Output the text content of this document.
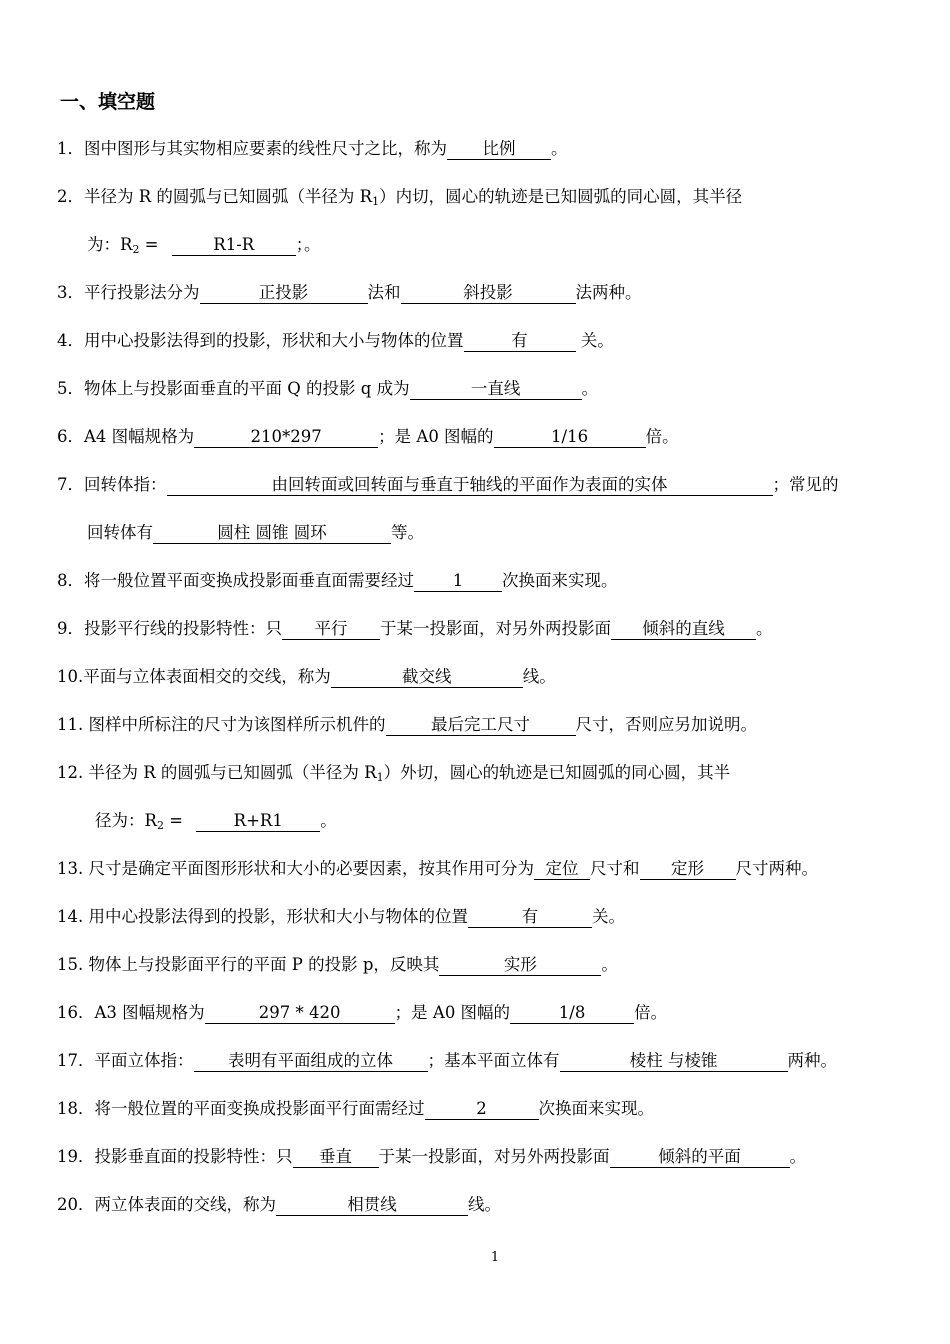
一、填空题
1．图中图形与其实物相应要素的线性尺寸之比，称为 比例 。
2．半径为 R 的圆弧与已知圆弧（半径为 $R_1$）内切，圆心的轨迹是已知圆弧的同心圆，其半径
为：$R_2$ =	R1-R	；。
3．平行投影法分为	正投影	法和	斜投影	法两种。
4．用中心投影法得到的投影，形状和大小与物体的位置	有	关。
5．物体上与投影面垂直的平面 Q 的投影 q 成为	一直线	。
6．A4 图幅规格为	210*297	；是 A0 图幅的	1/16	倍。
7．回转体指：	由回转面或回转面与垂直于轴线的平面作为表面的实体	；常见的
回转体有	圆柱 圆锥 圆环	等。
8．将一般位置平面变换成投影面垂直面需要经过 1 次换面来实现。
9．投影平行线的投影特性：只 平行 于某一投影面，对另外两投影面 倾斜的直线 。
10.平面与立体表面相交的交线，称为	截交线	线。
11. 图样中所标注的尺寸为该图样所示机件的	最后完工尺寸	尺寸，否则应另加说明。
12. 半径为 R 的圆弧与已知圆弧（半径为 $R_1$）外切，圆心的轨迹是已知圆弧的同心圆，其半
径为：$R_2$ =	R+R1 。
13. 尺寸是确定平面图形形状和大小的必要因素，按其作用可分为 定位 尺寸和 定形 尺寸两种。
14. 用中心投影法得到的投影，形状和大小与物体的位置	有	关。
15. 物体上与投影面平行的平面 P 的投影 p，反映其	实形	。
16．A3 图幅规格为	297 * 420	；是 A0 图幅的	1/8	倍。
17．平面立体指： 表明有平面组成的立体 ；基本平面立体有	棱柱 与棱锥	两种。
18．将一般位置的平面变换成投影面平行面需经过	2	次换面来实现。
19．投影垂直面的投影特性：只 垂直 于某一投影面，对另外两投影面	倾斜的平面	。
20．两立体表面的交线，称为	相贯线	线。
1
